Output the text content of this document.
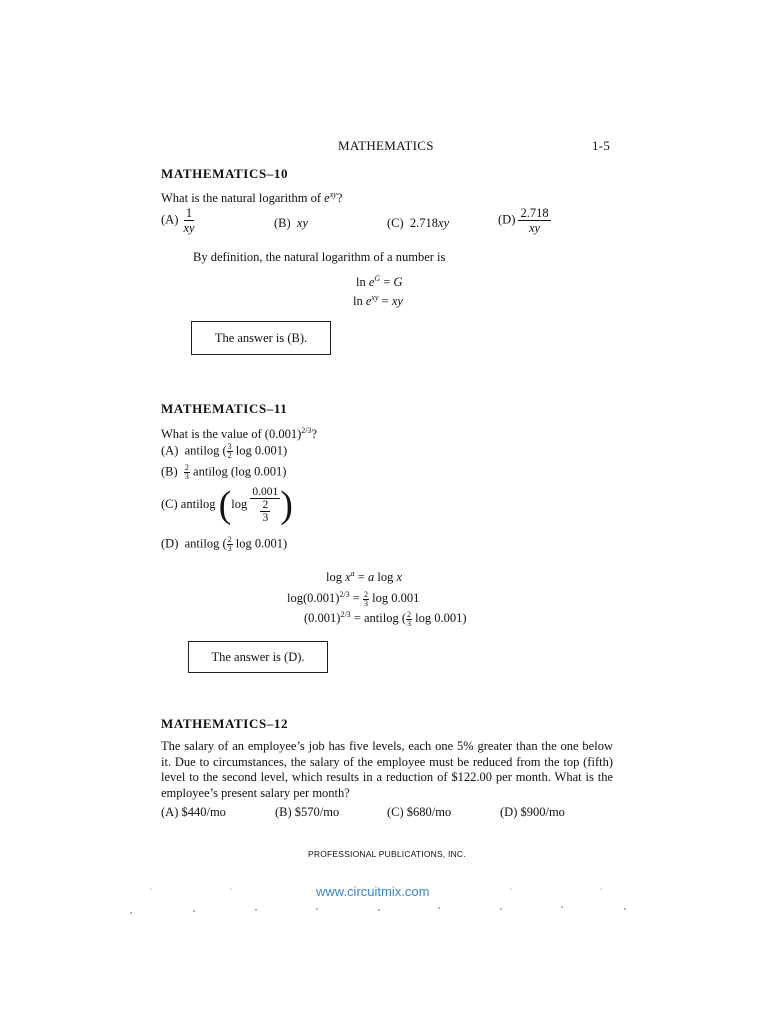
MATHEMATICS	1-5
MATHEMATICS–10
What is the natural logarithm of $e^{xy}$?
$(A) \frac{1}{xy}$	(B) xy	(C) 2.718xy	$(D) \frac{2.718}{xy}$
By definition, the natural logarithm of a number is
$\ln e^G = G$
$\ln e^{xy}$ = xy
The answer is (B).
MATHEMATICS–11
What is the value of $(0.001)^{2/3}$?
(A) antilog ( $\frac{3}{2}$ log 0.001)
$(B) \frac{2}{3}$ antilog (log 0.001)
(C)
antilog
( log
0.001
2
3 )
(D) antilog ( $\frac{2}{3}$ log 0.001)
$\log x^a = a$ log x
$\log(0.001)^{2/3} = \frac{2}{3}$ log 0.001
$(0.001)^{2/3}$ = antilog ( $\frac{2}{3}$ log 0.001)
The answer is (D).
MATHEMATICS–12
The salary of an employee’s job has five levels, each one 5% greater than the one below it. Due to circumstances, the salary of the employee must be reduced from the top (fifth) level to the second level, which results in a reduction of $122.00 per month. What is the employee’s present salary per month?
(A) $440/mo	(B) $570/mo	(C) $680/mo	(D) $900/mo
PROFESSIONAL PUBLICATIONS, INC.
www.circuitmix.com
